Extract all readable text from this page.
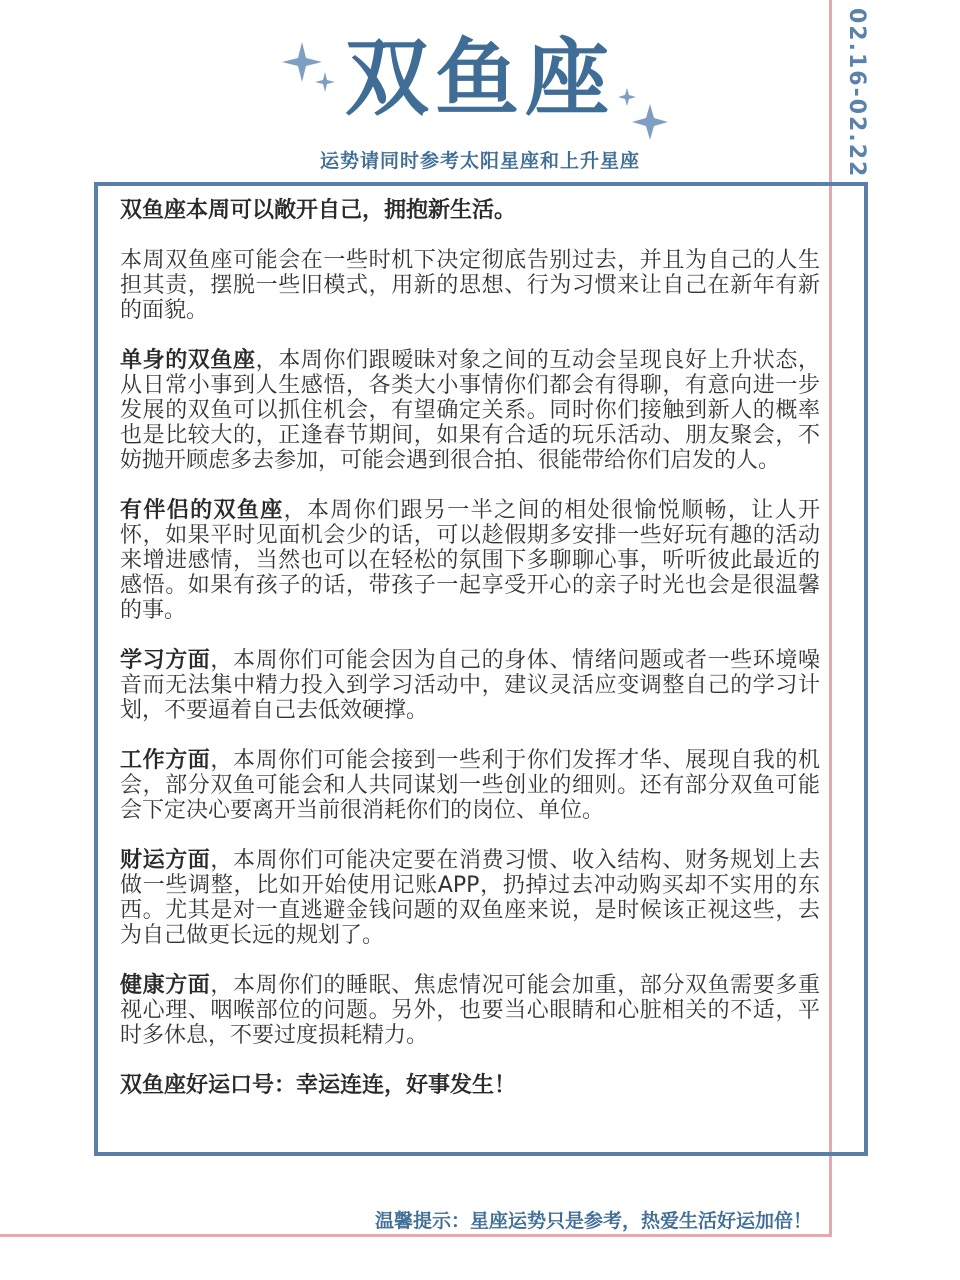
02.16-02.22
双鱼座
运势请同时参考太阳星座和上升星座

双鱼座本周可以敞开自己，拥抱新生活。

本周双鱼座可能会在一些时机下决定彻底告别过去，并且为自己的人生担其责，摆脱一些旧模式，用新的思想、行为习惯来让自己在新年有新的面貌。

单身的双鱼座，本周你们跟暧昧对象之间的互动会呈现良好上升状态，从日常小事到人生感悟，各类大小事情你们都会有得聊，有意向进一步发展的双鱼可以抓住机会，有望确定关系。同时你们接触到新人的概率也是比较大的，正逢春节期间，如果有合适的玩乐活动、朋友聚会，不妨抛开顾虑多去参加，可能会遇到很合拍、很能带给你们启发的人。

有伴侣的双鱼座，本周你们跟另一半之间的相处很愉悦顺畅，让人开怀，如果平时见面机会少的话，可以趁假期多安排一些好玩有趣的活动来增进感情，当然也可以在轻松的氛围下多聊聊心事，听听彼此最近的感悟。如果有孩子的话，带孩子一起享受开心的亲子时光也会是很温馨的事。

学习方面，本周你们可能会因为自己的身体、情绪问题或者一些环境噪音而无法集中精力投入到学习活动中，建议灵活应变调整自己的学习计划，不要逼着自己去低效硬撑。

工作方面，本周你们可能会接到一些利于你们发挥才华、展现自我的机会，部分双鱼可能会和人共同谋划一些创业的细则。还有部分双鱼可能会下定决心要离开当前很消耗你们的岗位、单位。

财运方面，本周你们可能决定要在消费习惯、收入结构、财务规划上去做一些调整，比如开始使用记账APP，扔掉过去冲动购买却不实用的东西。尤其是对一直逃避金钱问题的双鱼座来说，是时候该正视这些，去为自己做更长远的规划了。

健康方面，本周你们的睡眠、焦虑情况可能会加重，部分双鱼需要多重视心理、咽喉部位的问题。另外，也要当心眼睛和心脏相关的不适，平时多休息，不要过度损耗精力。

双鱼座好运口号：幸运连连，好事发生！

温馨提示：星座运势只是参考，热爱生活好运加倍！
